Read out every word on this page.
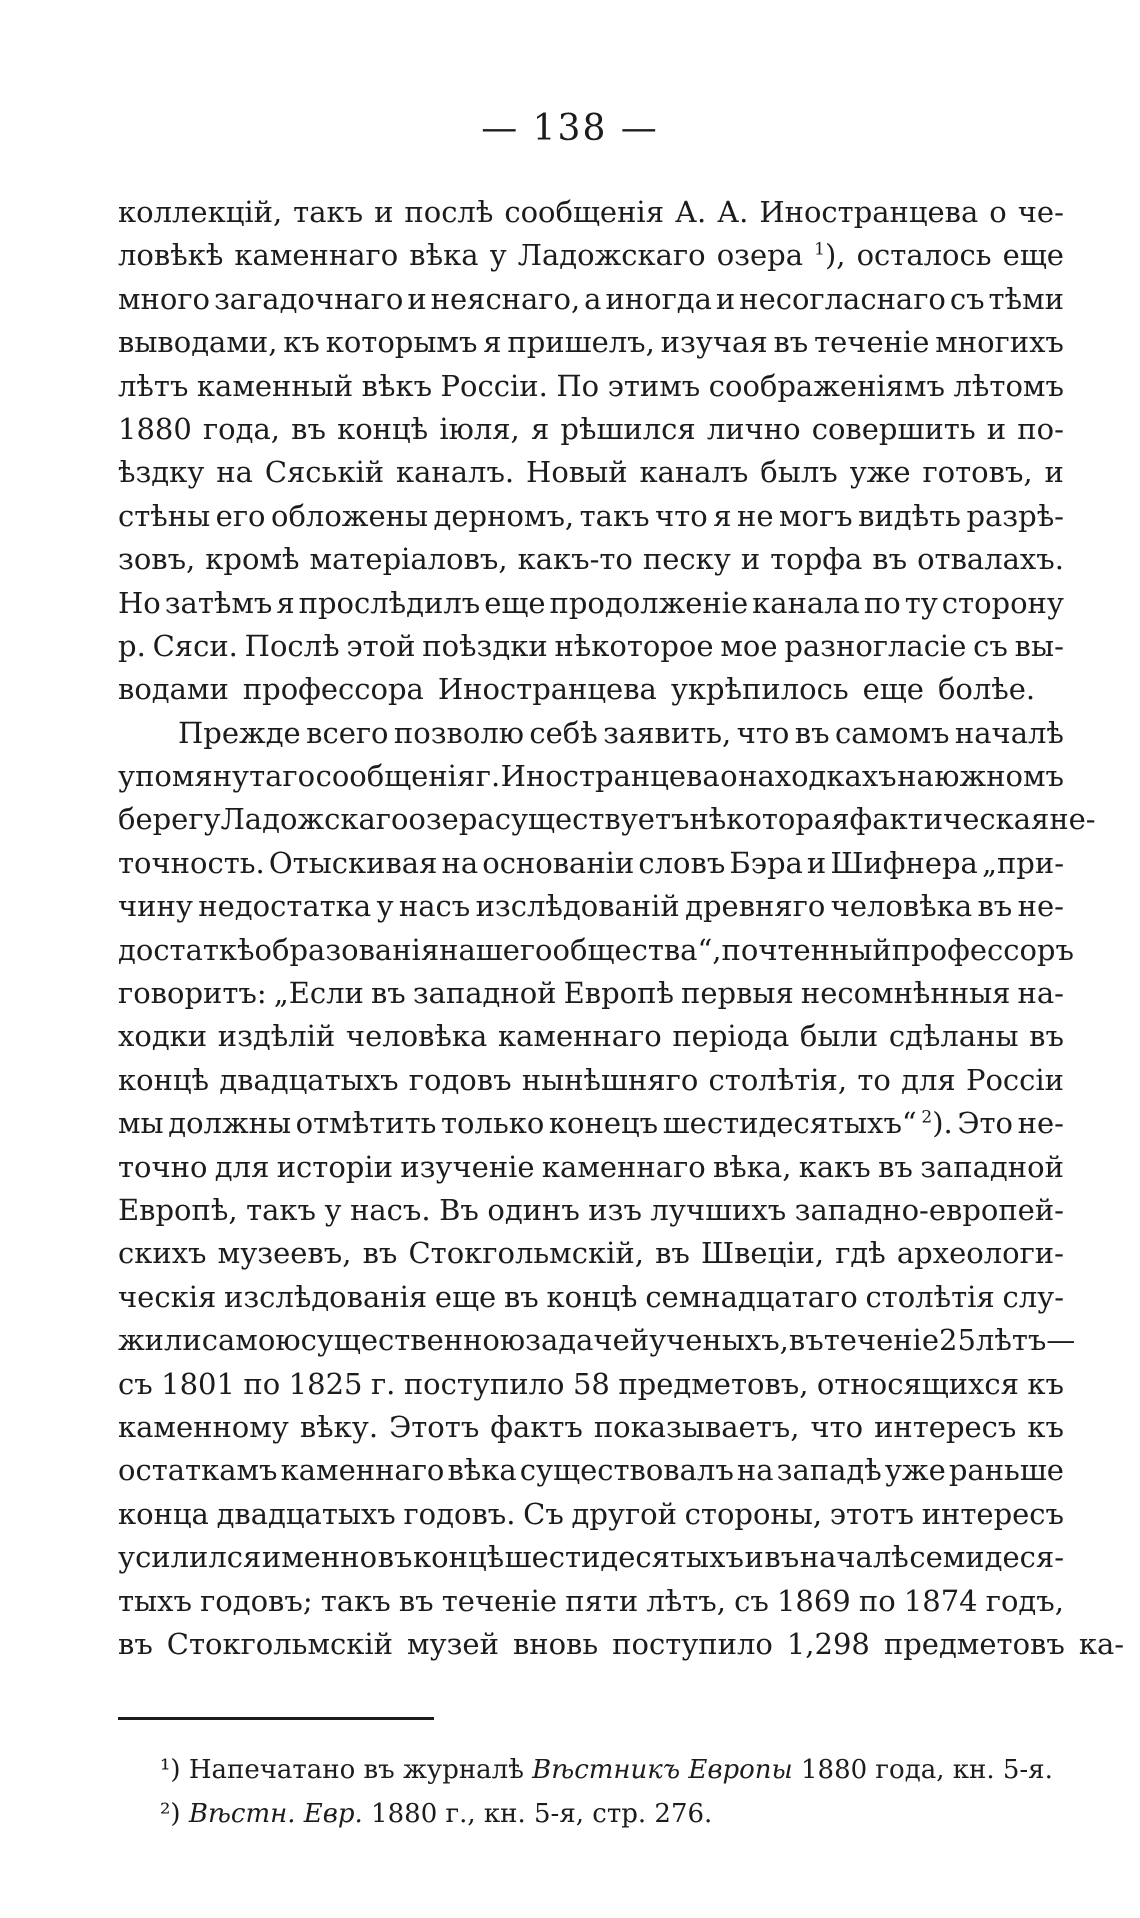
— 138 —
коллекцій, такъ и послѣ сообщенія А. А. Иностранцева о че-
ловѣкѣ каменнаго вѣка у Ладожскаго озера $^1$), осталось еще
много загадочнаго и неяснаго, а иногда и несогласнаго съ тѣми
выводами, къ которымъ я пришелъ, изучая въ теченіе многихъ
лѣтъ каменный вѣкъ Россіи. По этимъ соображеніямъ лѣтомъ
1880 года, въ концѣ іюля, я рѣшился лично совершить и по-
ѣздку на Сяській каналъ. Новый каналъ былъ уже готовъ, и
стѣны его обложены дерномъ, такъ что я не могъ видѣть разрѣ-
зовъ, кромѣ матеріаловъ, какъ-то песку и торфа въ отвалахъ.
Но затѣмъ я прослѣдилъ еще продолженіе канала по ту сторону
р. Сяси. Послѣ этой поѣздки нѣкоторое мое разногласіе съ вы-
водами профессора Иностранцева укрѣпилось еще болѣе.
Прежде всего позволю себѣ заявить, что въ самомъ началѣ
упомянутаго сообщенія г. Иностранцева о находкахъ на южномъ
берегу Ладожскаго озера существуетъ нѣкоторая фактическая не-
точность. Отыскивая на основаніи словъ Бэра и Шифнера „при-
чину недостатка у насъ изслѣдованій древняго человѣка въ не-
достаткѣ образованія нашего общества“, почтенный профессоръ
говоритъ: „Если въ западной Европѣ первыя несомнѣнныя на-
ходки издѣлій человѣка каменнаго періода были сдѣланы въ
концѣ двадцатыхъ годовъ нынѣшняго столѣтія, то для Россіи
мы должны отмѣтить только конецъ шестидесятыхъ“ $^2$). Это не-
точно для исторіи изученіе каменнаго вѣка, какъ въ западной
Европѣ, такъ у насъ. Въ одинъ изъ лучшихъ западно-европей-
скихъ музеевъ, въ Стокгольмскій, въ Швеціи, гдѣ археологи-
ческія изслѣдованія еще въ концѣ семнадцатаго столѣтія слу-
жили самою существенною задачей ученыхъ, въ теченіе 25 лѣтъ—
съ 1801 по 1825 г. поступило 58 предметовъ, относящихся къ
каменному вѣку. Этотъ фактъ показываетъ, что интересъ къ
остаткамъ каменнаго вѣка существовалъ на западѣ уже раньше
конца двадцатыхъ годовъ. Съ другой стороны, этотъ интересъ
усилился именно въ концѣ шестидесятыхъ и въ началѣ семидеся-
тыхъ годовъ; такъ въ теченіе пяти лѣтъ, съ 1869 по 1874 годъ,
въ Стокгольмскій музей вновь поступило 1,298 предметовъ ка-
¹) Напечатано въ журналѣ Вѣстникъ Европы 1880 года, кн. 5-я.
²) Вѣстн. Евр. 1880 г., кн. 5-я, стр. 276.
